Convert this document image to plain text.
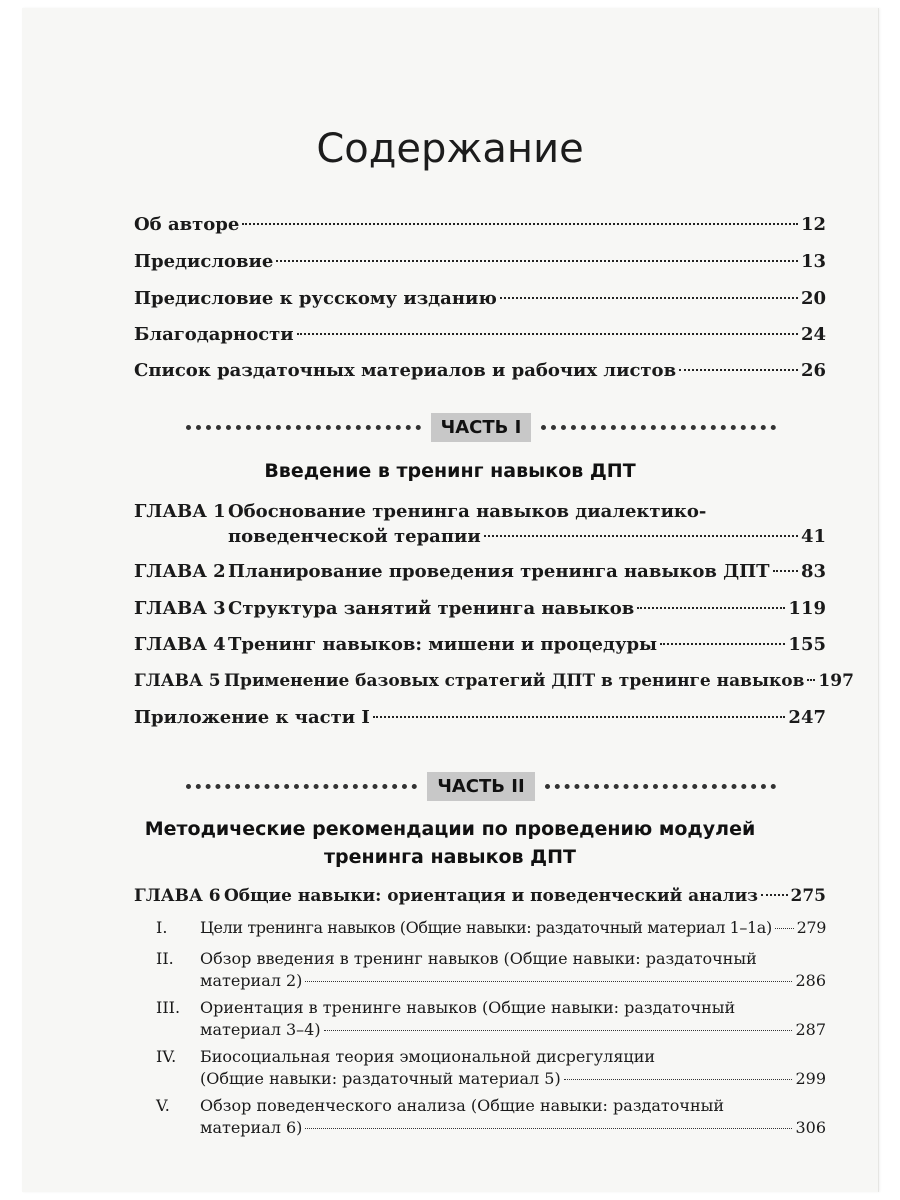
Содержание
Об авторе	12
Предисловие	13
Предисловие к русскому изданию	20
Благодарности	24
Список раздаточных материалов и рабочих листов	26
ЧАСТЬ I
Введение в тренинг навыков ДПТ
ГЛАВА 1 Обоснование тренинга навыков диалектико-
поведенческой терапии	41
ГЛАВА 2 Планирование проведения тренинга навыков ДПТ 83
ГЛАВА 3 Структура занятий тренинга навыков	119
ГЛАВА 4 Тренинг навыков: мишени и процедуры	155
ГЛАВА 5 Применение базовых стратегий ДПТ в тренинге навыков 197
Приложение к части I	247
ЧАСТЬ II
Методические рекомендации по проведению модулей
тренинга навыков ДПТ
ГЛАВА 6 Общие навыки: ориентация и поведенческий анализ 275
I. Цели тренинга навыков (Общие навыки: раздаточный материал 1–1а) 279
II. Обзор введения в тренинг навыков (Общие навыки: раздаточный
материал 2)	286
III. Ориентация в тренинге навыков (Общие навыки: раздаточный
материал 3–4)	287
IV. Биосоциальная теория эмоциональной дисрегуляции
(Общие навыки: раздаточный материал 5)	299
V. Обзор поведенческого анализа (Общие навыки: раздаточный
материал 6)	306
